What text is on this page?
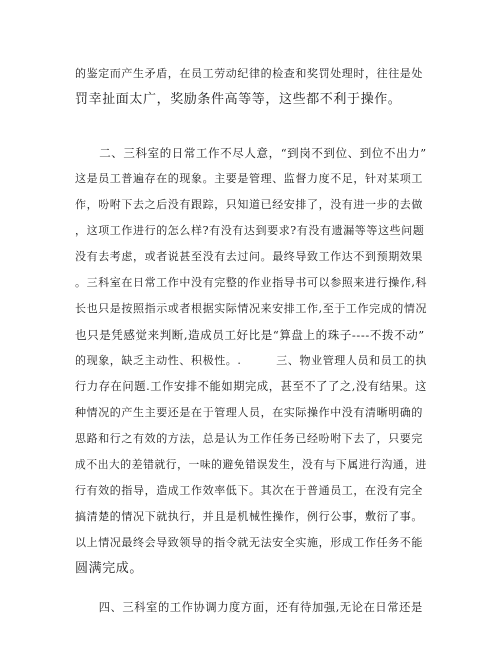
的鉴定而产生矛盾，在员工劳动纪律的检查和奖罚处理时，往往是处
罚幸扯面太广，奖励条件高等等，这些都不利于操作。
　　二、三科室的日常工作不尽人意，“到岗不到位、到位不出力”
这是员工普遍存在的现象。主要是管理、监督力度不足，针对某项工
作，吩咐下去之后没有跟踪，只知道已经安排了，没有进一步的去做
，这项工作进行的怎么样?有没有达到要求?有没有遗漏等等这些问题
没有去考虑，或者说甚至没有去过问。最终导致工作达不到预期效果
。三科室在日常工作中没有完整的作业指导书可以参照来进行操作,科
长也只是按照指示或者根据实际情况来安排工作,至于工作完成的情况
也只是凭感觉来判断,造成员工好比是“算盘上的珠子----不拨不动”
的现象，缺乏主动性、积极性。.　　　三、物业管理人员和员工的执
行力存在问题.工作安排不能如期完成，甚至不了了之,没有结果。这
种情况的产生主要还是在于管理人员，在实际操作中没有清晰明确的
思路和行之有效的方法，总是认为工作任务已经吩咐下去了，只要完
成不出大的差错就行，一味的避免错误发生，没有与下属进行沟通，进
行有效的指导，造成工作效率低下。其次在于普通员工，在没有完全
搞清楚的情况下就执行，并且是机械性操作，例行公事，敷衍了事。
以上情况最终会导致领导的指令就无法安全实施，形成工作任务不能
圆满完成。
　　四、三科室的工作协调力度方面，还有待加强,无论在日常还是
